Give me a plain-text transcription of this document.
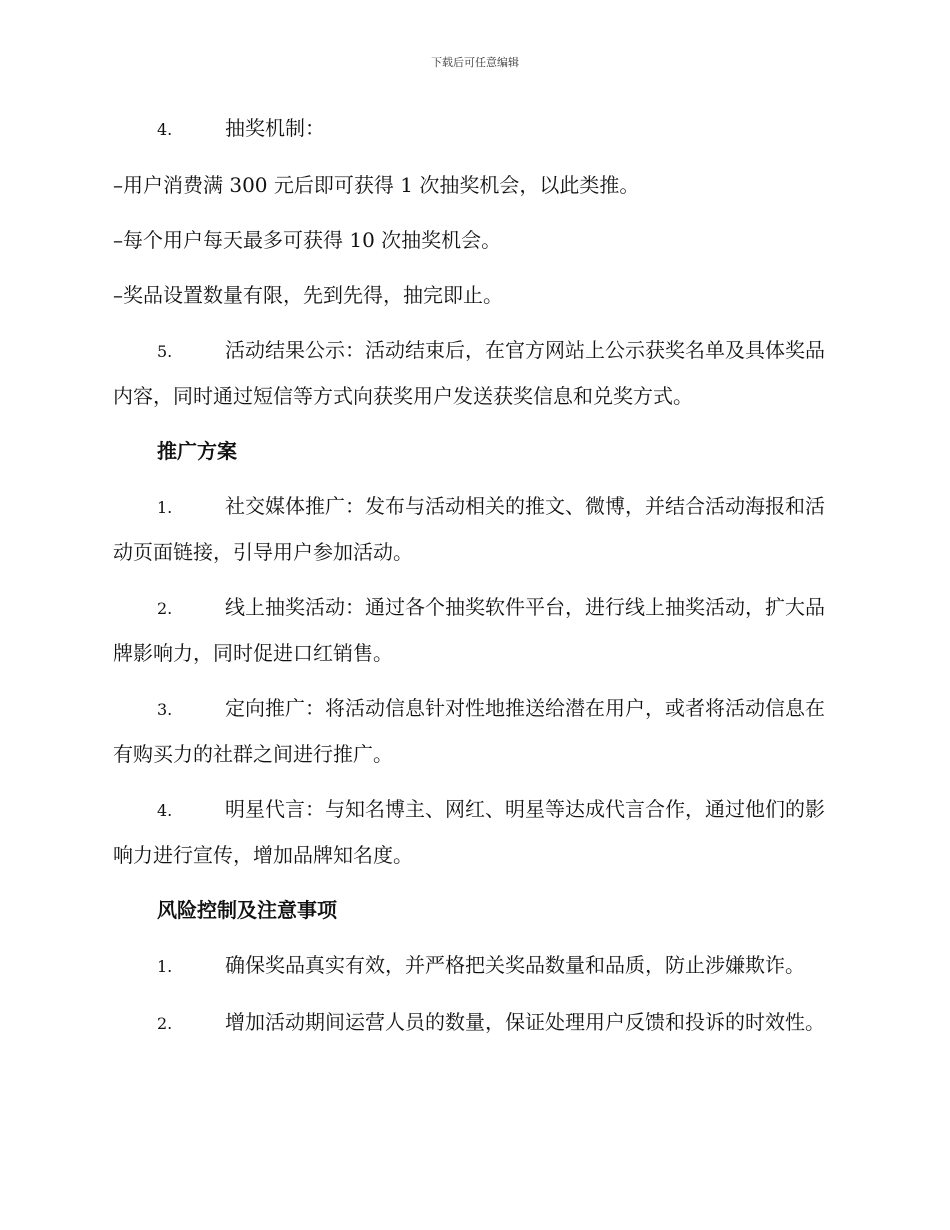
下载后可任意编辑

4.	抽奖机制：

–用户消费满 300 元后即可获得 1 次抽奖机会，以此类推。

–每个用户每天最多可获得 10 次抽奖机会。

–奖品设置数量有限，先到先得，抽完即止。

5.	活动结果公示：活动结束后，在官方网站上公示获奖名单及具体奖品内容，同时通过短信等方式向获奖用户发送获奖信息和兑奖方式。

推广方案

1.	社交媒体推广：发布与活动相关的推文、微博，并结合活动海报和活动页面链接，引导用户参加活动。

2.	线上抽奖活动：通过各个抽奖软件平台，进行线上抽奖活动，扩大品牌影响力，同时促进口红销售。

3.	定向推广：将活动信息针对性地推送给潜在用户，或者将活动信息在有购买力的社群之间进行推广。

4.	明星代言：与知名博主、网红、明星等达成代言合作，通过他们的影响力进行宣传，增加品牌知名度。

风险控制及注意事项

1.	确保奖品真实有效，并严格把关奖品数量和品质，防止涉嫌欺诈。

2.	增加活动期间运营人员的数量，保证处理用户反馈和投诉的时效性。
